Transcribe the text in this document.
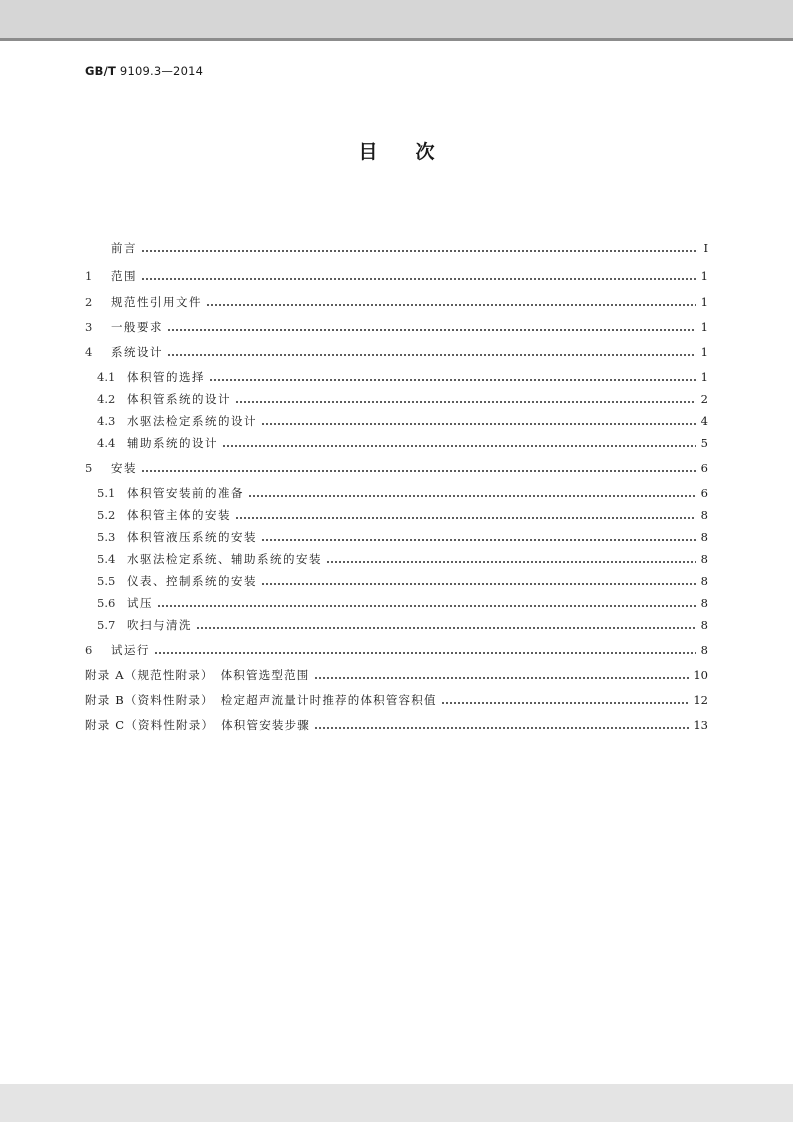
GB/T 9109.3—2014
目次
前言	I
1	范围	1
2	规范性引用文件	1
3	一般要求	1
4	系统设计	1
4.1	体积管的选择	1
4.2	体积管系统的设计	2
4.3	水驱法检定系统的设计	4
4.4	辅助系统的设计	5
5	安装	6
5.1	体积管安装前的准备	6
5.2	体积管主体的安装	8
5.3	体积管液压系统的安装	8
5.4	水驱法检定系统、辅助系统的安装	8
5.5	仪表、控制系统的安装	8
5.6	试压	8
5.7	吹扫与清洗	8
6	试运行	8
附录 A（规范性附录）　体积管选型范围	10
附录 B（资料性附录）　检定超声流量计时推荐的体积管容积值	12
附录 C（资料性附录）　体积管安装步骤	13
